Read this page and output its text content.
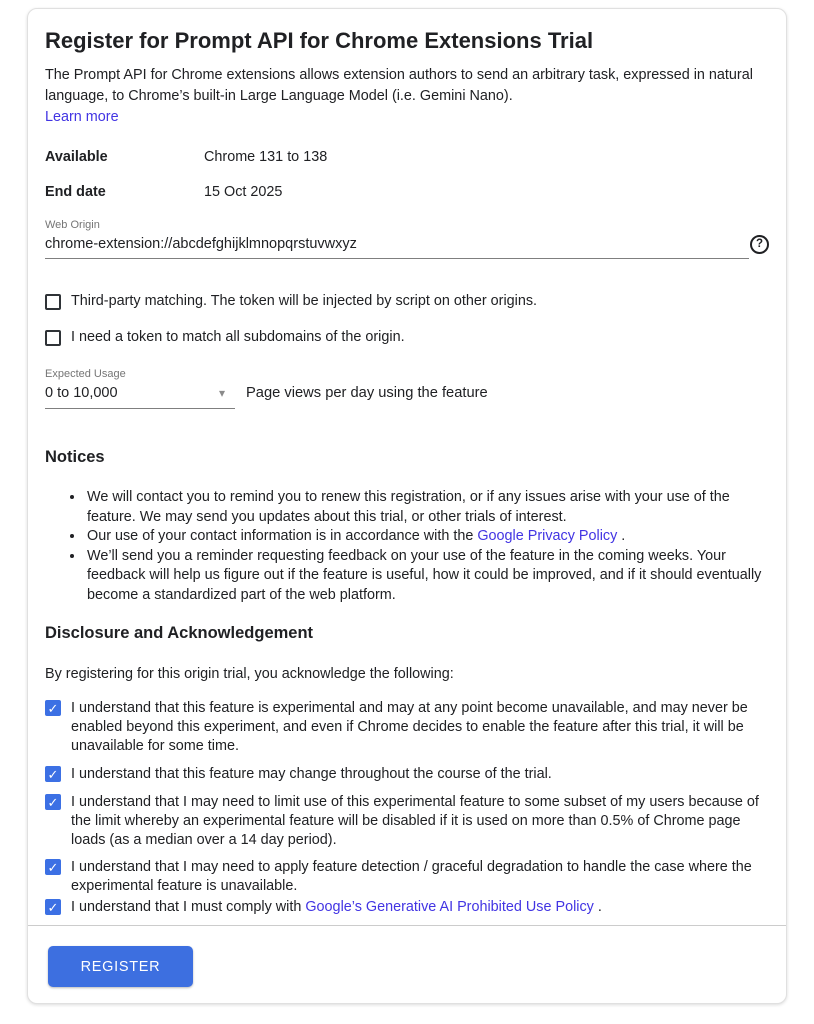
Register for Prompt API for Chrome Extensions Trial

The Prompt API for Chrome extensions allows extension authors to send an arbitrary task, expressed in natural language, to Chrome’s built-in Large Language Model (i.e. Gemini Nano).

Learn more
Available	Chrome 131 to 138
End date	15 Oct 2025
Web Origin
chrome-extension://abcdefghijklmnopqrstuvwxyz
?
Third-party matching. The token will be injected by script on other origins.
I need a token to match all subdomains of the origin.
Expected Usage
0 to 10,000	▾	Page views per day using the feature
Notices
• We will contact you to remind you to renew this registration, or if any issues arise with your use of the feature. We may send you updates about this trial, or other trials of interest.
• Our use of your contact information is in accordance with the Google Privacy Policy .
• We’ll send you a reminder requesting feedback on your use of the feature in the coming weeks. Your feedback will help us figure out if the feature is useful, how it could be improved, and if it should eventually become a standardized part of the web platform.
Disclosure and Acknowledgement

By registering for this origin trial, you acknowledge the following:

✓ I understand that this feature is experimental and may at any point become unavailable, and may never be enabled beyond this experiment, and even if Chrome decides to enable the feature after this trial, it will be unavailable for some time.
✓ I understand that this feature may change throughout the course of the trial.
✓ I understand that I may need to limit use of this experimental feature to some subset of my users because of the limit whereby an experimental feature will be disabled if it is used on more than 0.5% of Chrome page loads (as a median over a 14 day period).
✓ I understand that I may need to apply feature detection / graceful degradation to handle the case where the experimental feature is unavailable.
✓ I understand that I must comply with Google’s Generative AI Prohibited Use Policy .
REGISTER
